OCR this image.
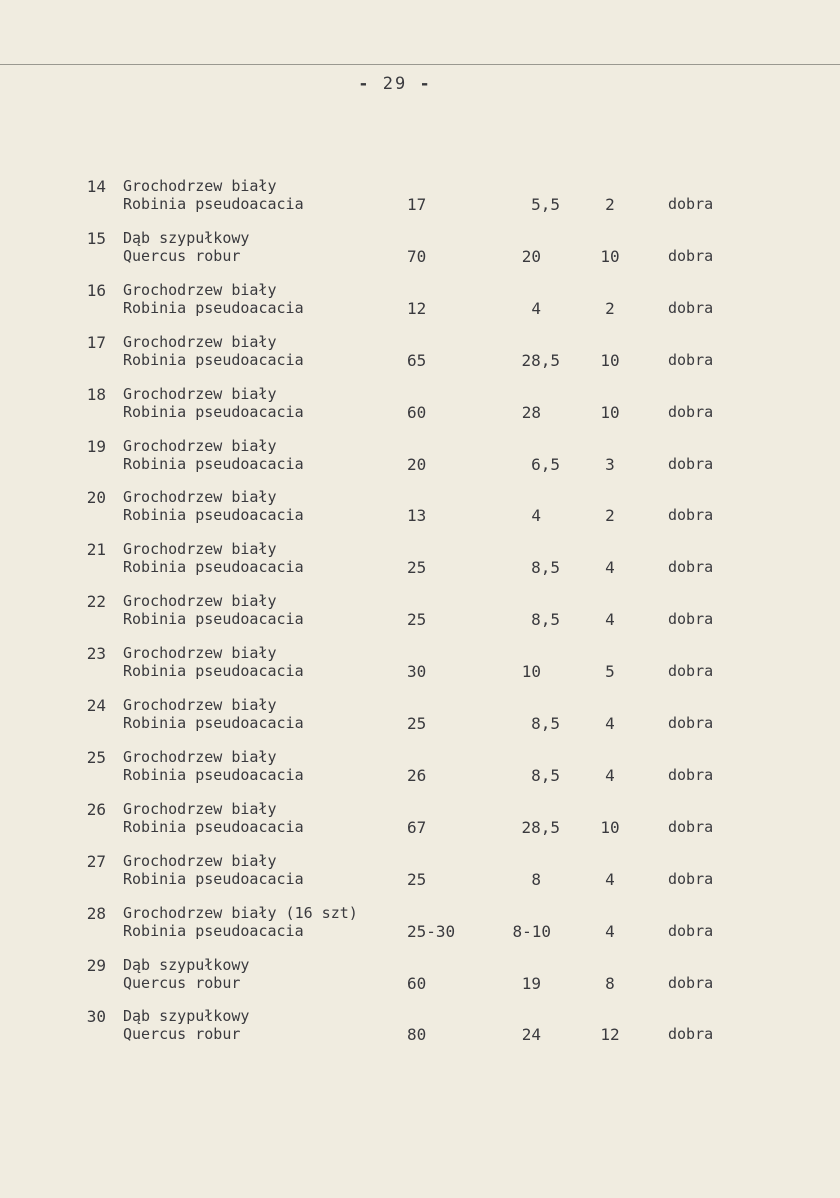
- 29 -
14 Grochodrzew biały
Robinia pseudoacacia	17	5,5	2	dobra
15 Dąb szypułkowy
Quercus robur	70	20	10	dobra
16 Grochodrzew biały
Robinia pseudoacacia	12	4	2	dobra
17 Grochodrzew biały
Robinia pseudoacacia	65	28,5	10	dobra
18 Grochodrzew biały
Robinia pseudoacacia	60	28	10	dobra
19 Grochodrzew biały
Robinia pseudoacacia	20	6,5	3	dobra
20 Grochodrzew biały
Robinia pseudoacacia	13	4	2	dobra
21 Grochodrzew biały
Robinia pseudoacacia	25	8,5	4	dobra
22 Grochodrzew biały
Robinia pseudoacacia	25	8,5	4	dobra
23 Grochodrzew biały
Robinia pseudoacacia	30	10	5	dobra
24 Grochodrzew biały
Robinia pseudoacacia	25	8,5	4	dobra
25 Grochodrzew biały
Robinia pseudoacacia	26	8,5	4	dobra
26 Grochodrzew biały
Robinia pseudoacacia	67	28,5	10	dobra
27 Grochodrzew biały
Robinia pseudoacacia	25	8	4	dobra
28 Grochodrzew biały (16 szt)
Robinia pseudoacacia	25-30	8-10	4	dobra
29 Dąb szypułkowy
Quercus robur	60	19	8	dobra
30 Dąb szypułkowy
Quercus robur	80	24	12	dobra
